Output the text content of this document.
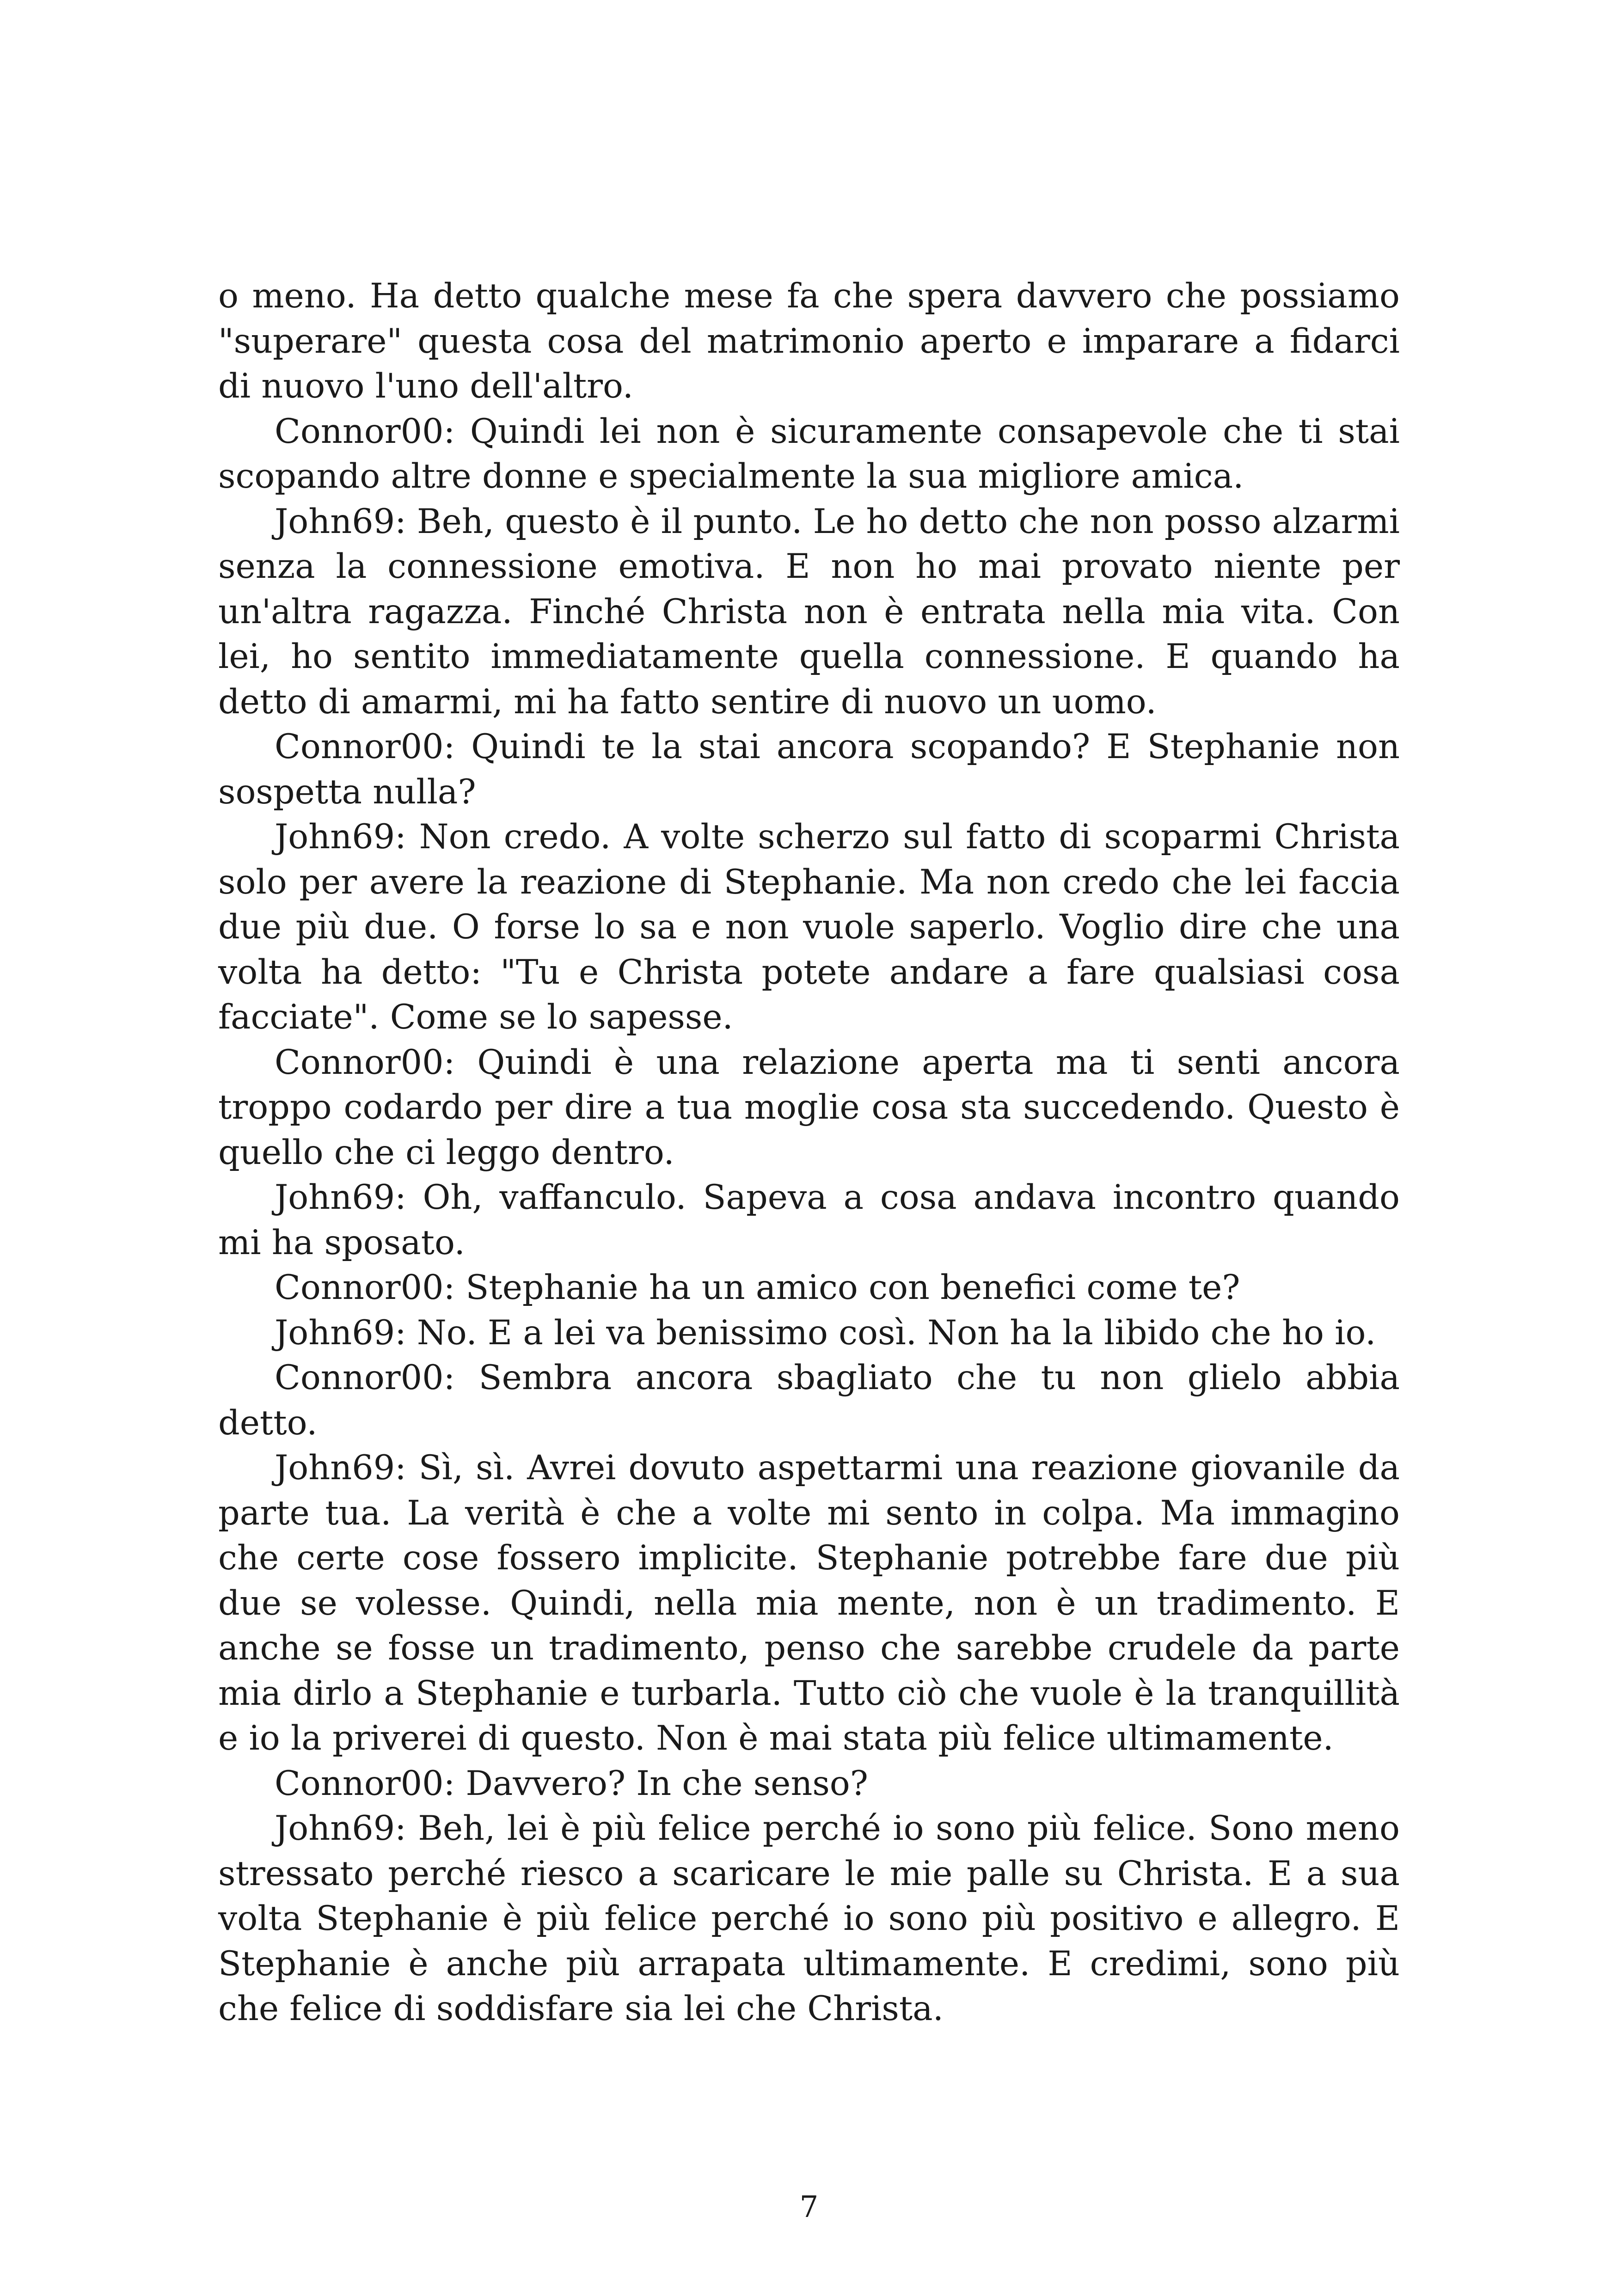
o meno. Ha detto qualche mese fa che spera davvero che possiamo "superare" questa cosa del matrimonio aperto e imparare a fidarci di nuovo l'uno dell'altro.

Connor00: Quindi lei non è sicuramente consapevole che ti stai scopando altre donne e specialmente la sua migliore amica.

John69: Beh, questo è il punto. Le ho detto che non posso alzarmi senza la connessione emotiva. E non ho mai provato niente per un'altra ragazza. Finché Christa non è entrata nella mia vita. Con lei, ho sentito immediatamente quella connessione. E quando ha detto di amarmi, mi ha fatto sentire di nuovo un uomo.

Connor00: Quindi te la stai ancora scopando? E Stephanie non sospetta nulla?

John69: Non credo. A volte scherzo sul fatto di scoparmi Christa solo per avere la reazione di Stephanie. Ma non credo che lei faccia due più due. O forse lo sa e non vuole saperlo. Voglio dire che una volta ha detto: "Tu e Christa potete andare a fare qualsiasi cosa facciate". Come se lo sapesse.

Connor00: Quindi è una relazione aperta ma ti senti ancora troppo codardo per dire a tua moglie cosa sta succedendo. Questo è quello che ci leggo dentro.

John69: Oh, vaffanculo. Sapeva a cosa andava incontro quando mi ha sposato.

Connor00: Stephanie ha un amico con benefici come te?

John69: No. E a lei va benissimo così. Non ha la libido che ho io.

Connor00: Sembra ancora sbagliato che tu non glielo abbia detto.

John69: Sì, sì. Avrei dovuto aspettarmi una reazione giovanile da parte tua. La verità è che a volte mi sento in colpa. Ma immagino che certe cose fossero implicite. Stephanie potrebbe fare due più due se volesse. Quindi, nella mia mente, non è un tradimento. E anche se fosse un tradimento, penso che sarebbe crudele da parte mia dirlo a Stephanie e turbarla. Tutto ciò che vuole è la tranquillità e io la priverei di questo. Non è mai stata più felice ultimamente.

Connor00: Davvero? In che senso?

John69: Beh, lei è più felice perché io sono più felice. Sono meno stressato perché riesco a scaricare le mie palle su Christa. E a sua volta Stephanie è più felice perché io sono più positivo e allegro. E Stephanie è anche più arrapata ultimamente. E credimi, sono più che felice di soddisfare sia lei che Christa.

7
